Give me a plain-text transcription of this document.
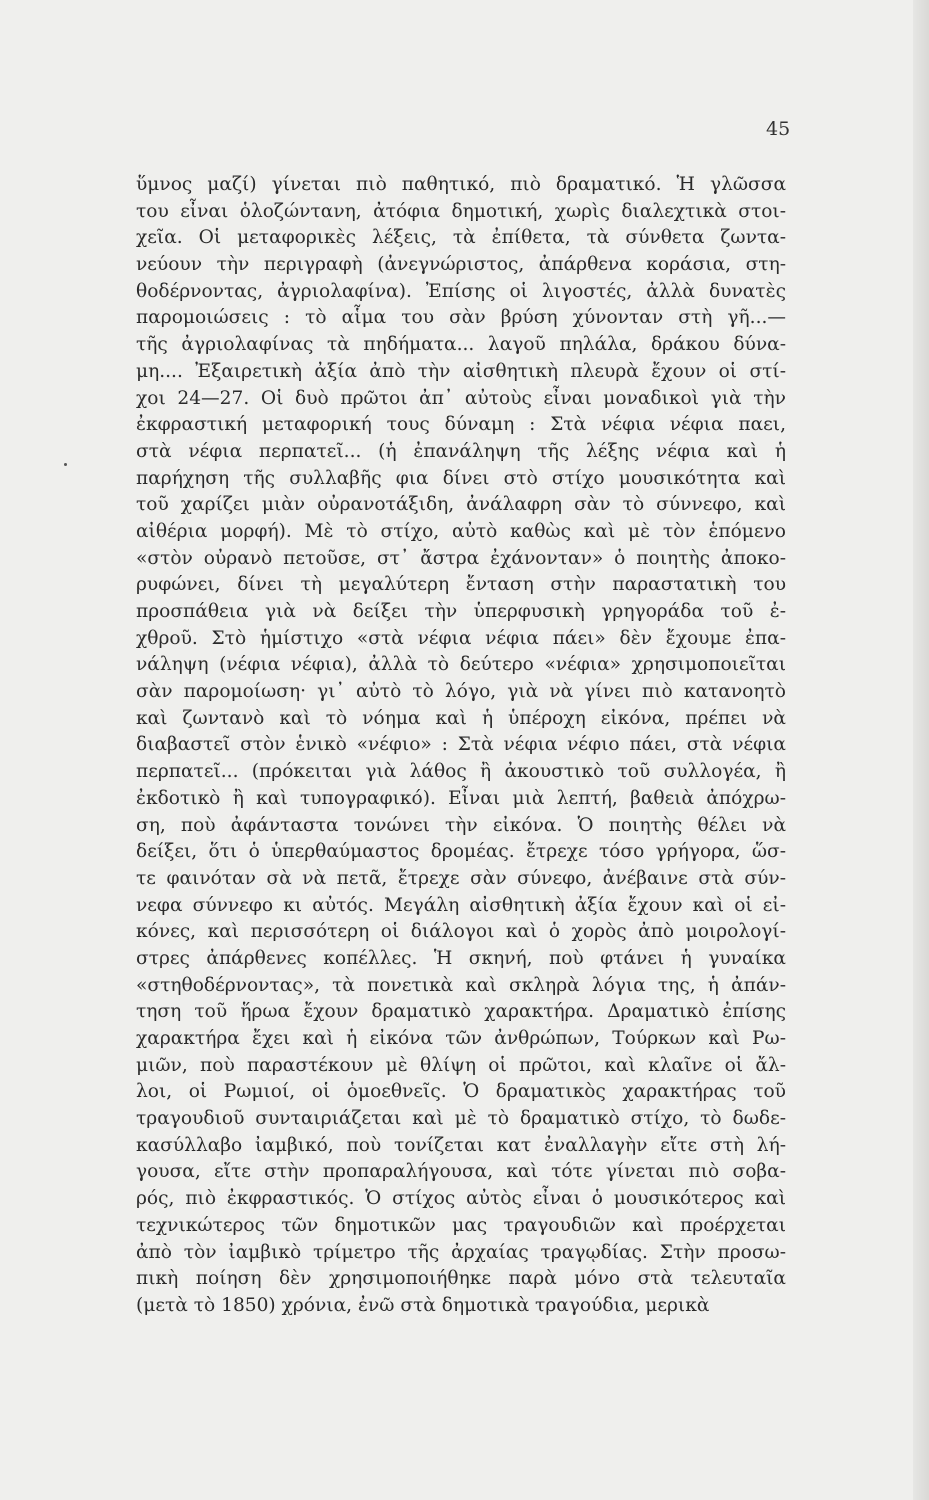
45
ὕμνος μαζί) γίνεται πιὸ παθητικό, πιὸ δραματικό. Ἡ γλῶσσα
του εἶναι ὁλοζώντανη, ἀτόφια δημοτική, χωρὶς διαλεχτικὰ στοι-
χεῖα. Οἱ μεταφορικὲς λέξεις, τὰ ἐπίθετα, τὰ σύνθετα ζωντα-
νεύουν τὴν περιγραφὴ (ἀνεγνώριστος, ἀπάρθενα κοράσια, στη-
θοδέρνοντας, ἀγριολαφίνα). Ἐπίσης οἱ λιγοστές, ἀλλὰ δυνατὲς
παρομοιώσεις : τὸ αἷμα του σὰν βρύση χύνονταν στὴ γῆ...—
τῆς ἀγριολαφίνας τὰ πηδήματα... λαγοῦ πηλάλα, δράκου δύνα-
μη.... Ἐξαιρετικὴ ἀξία ἀπὸ τὴν αἰσθητικὴ πλευρὰ ἔχουν οἱ στί-
χοι 24—27. Οἱ δυὸ πρῶτοι ἀπ᾿ αὐτοὺς εἶναι μοναδικοὶ γιὰ τὴν
ἐκφραστική μεταφορική τους δύναμη : Στὰ νέφια νέφια παει,
στὰ νέφια περπατεῖ... (ἡ ἐπανάληψη τῆς λέξης νέφια καὶ ἡ
παρήχηση τῆς συλλαβῆς φια δίνει στὸ στίχο μουσικότητα καὶ
τοῦ χαρίζει μιὰν οὐρανοτάξιδη, ἀνάλαφρη σὰν τὸ σύννεφο, καὶ
αἰθέρια μορφή). Μὲ τὸ στίχο, αὐτὸ καθὼς καὶ μὲ τὸν ἑπόμενο
«στὸν οὐρανὸ πετοῦσε, στ᾿ ἄστρα ἐχάνονταν» ὁ ποιητὴς ἀποκο-
ρυφώνει, δίνει τὴ μεγαλύτερη ἔνταση στὴν παραστατικὴ του
προσπάθεια γιὰ νὰ δείξει τὴν ὑπερφυσικὴ γρηγοράδα τοῦ ἐ-
χθροῦ. Στὸ ἡμίστιχο «στὰ νέφια νέφια πάει» δὲν ἔχουμε ἐπα-
νάληψη (νέφια νέφια), ἀλλὰ τὸ δεύτερο «νέφια» χρησιμοποιεῖται
σὰν παρομοίωση· γι᾿ αὐτὸ τὸ λόγο, γιὰ νὰ γίνει πιὸ κατανοητὸ
καὶ ζωντανὸ καὶ τὸ νόημα καὶ ἡ ὑπέροχη εἰκόνα, πρέπει νὰ
διαβαστεῖ στὸν ἑνικὸ «νέφιο» : Στὰ νέφια νέφιο πάει, στὰ νέφια
περπατεῖ... (πρόκειται γιὰ λάθος ἢ ἀκουστικὸ τοῦ συλλογέα, ἢ
ἐκδοτικὸ ἢ καὶ τυπογραφικό). Εἶναι μιὰ λεπτή, βαθειὰ ἀπόχρω-
ση, ποὺ ἀφάνταστα τονώνει τὴν εἰκόνα. Ὁ ποιητὴς θέλει νὰ
δείξει, ὅτι ὁ ὑπερθαύμαστος δρομέας. ἔτρεχε τόσο γρήγορα, ὥσ-
τε φαινόταν σὰ νὰ πετᾶ, ἔτρεχε σὰν σύνεφο, ἀνέβαινε στὰ σύν-
νεφα σύννεφο κι αὐτός. Μεγάλη αἰσθητικὴ ἀξία ἔχουν καὶ οἱ εἰ-
κόνες, καὶ περισσότερη οἱ διάλογοι καὶ ὁ χορὸς ἀπὸ μοιρολογί-
στρες ἀπάρθενες κοπέλλες. Ἡ σκηνή, ποὺ φτάνει ἡ γυναίκα
«στηθοδέρνοντας», τὰ πονετικὰ καὶ σκληρὰ λόγια της, ἡ ἀπάν-
τηση τοῦ ἥρωα ἔχουν δραματικὸ χαρακτήρα. Δραματικὸ ἐπίσης
χαρακτήρα ἔχει καὶ ἡ εἰκόνα τῶν ἀνθρώπων, Τούρκων καὶ Ρω-
μιῶν, ποὺ παραστέκουν μὲ θλίψη οἱ πρῶτοι, καὶ κλαῖνε οἱ ἄλ-
λοι, οἱ Ρωμιοί, οἱ ὁμοεθνεῖς. Ὁ δραματικὸς χαρακτήρας τοῦ
τραγουδιοῦ συνταιριάζεται καὶ μὲ τὸ δραματικὸ στίχο, τὸ δωδε-
κασύλλαβο ἰαμβικό, ποὺ τονίζεται κατ ἐναλλαγὴν εἴτε στὴ λή-
γουσα, εἴτε στὴν προπαραλήγουσα, καὶ τότε γίνεται πιὸ σοβα-
ρός, πιὸ ἐκφραστικός. Ὁ στίχος αὐτὸς εἶναι ὁ μουσικότερος καὶ
τεχνικώτερος τῶν δημοτικῶν μας τραγουδιῶν καὶ προέρχεται
ἀπὸ τὸν ἰαμβικὸ τρίμετρο τῆς ἀρχαίας τραγῳδίας. Στὴν προσω-
πικὴ ποίηση δὲν χρησιμοποιήθηκε παρὰ μόνο στὰ τελευταῖα
(μετὰ τὸ 1850) χρόνια, ἐνῶ στὰ δημοτικὰ τραγούδια, μερικὰ
